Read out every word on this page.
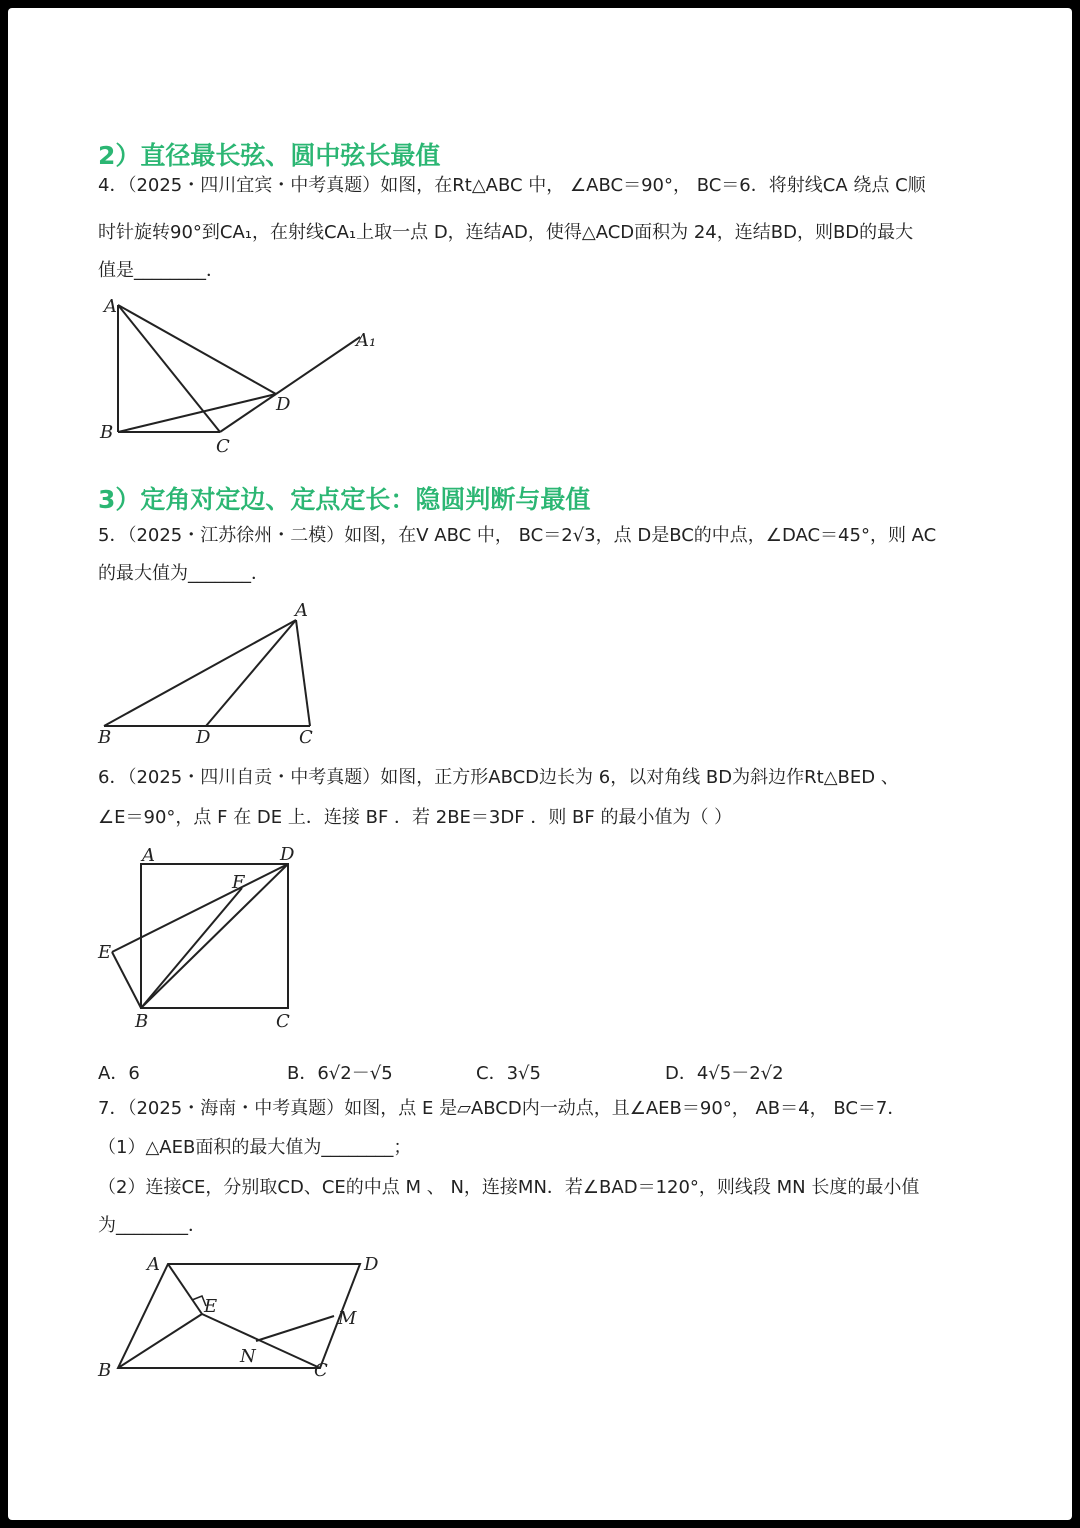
2）直径最长弦、圆中弦长最值
4．（2025・四川宜宾・中考真题）如图，在Rt△ABC 中， ∠ABC＝90°， BC＝6．将射线CA 绕点 C顺
时针旋转90°到CA₁，在射线CA₁上取一点 D，连结AD，使得△ACD面积为 24，连结BD，则BD的最大
值是________．
A
A₁
B
C
D
A
B	D	C
A	D
F
E
B	C
A	D
E
M
N
B	C
3）定角对定边、定点定长：隐圆判断与最值
5．（2025・江苏徐州・二模）如图，在V ABC 中， BC＝2√3，点 D是BC的中点，∠DAC＝45°，则 AC
的最大值为_______．
6．（2025・四川自贡・中考真题）如图，正方形ABCD边长为 6，以对角线 BD为斜边作Rt△BED 、
∠E＝90°，点 F 在 DE 上．连接 BF ．若 2BE＝3DF ．则 BF 的最小值为（ ）
A．6	B．6√2－√5	C．3√5	D．4√5－2√2
7．（2025・海南・中考真题）如图，点 E 是▱ABCD内一动点，且∠AEB＝90°， AB＝4， BC＝7．
（1）△AEB面积的最大值为________；
（2）连接CE，分别取CD、CE的中点 M 、 N，连接MN．若∠BAD＝120°，则线段 MN 长度的最小值
为________．
